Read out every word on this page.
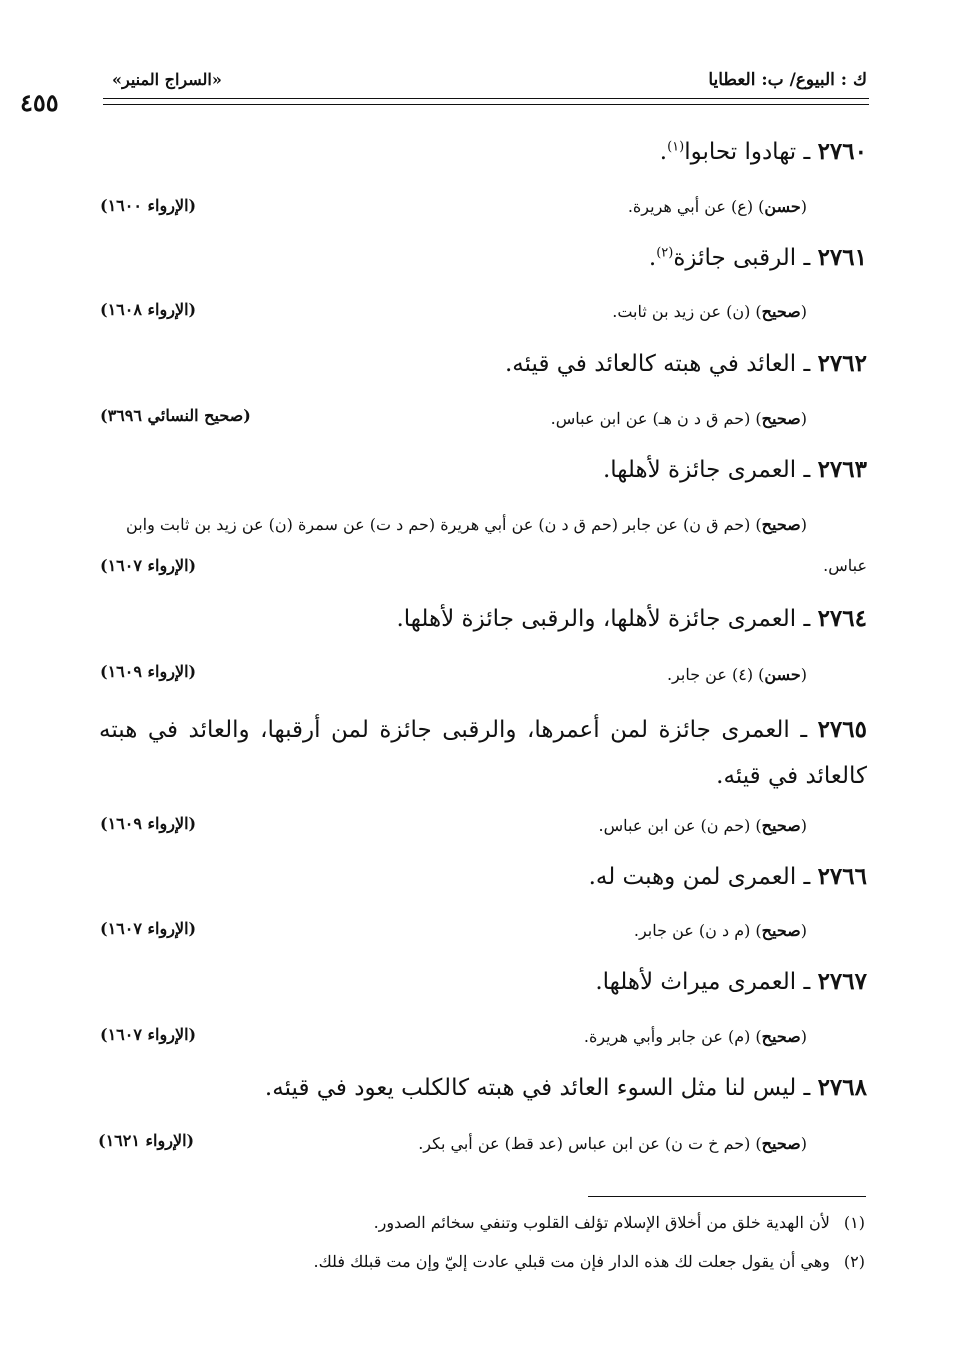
ك : البيوع/ ب: العطايا
«السراج المنير»
٤٥٥
٢٧٦٠ ـ تهادوا تحابوا$^{(١)}$.
(حسن) (ع) عن أبي هريرة.
(الإرواء ١٦٠٠)
٢٧٦١ ـ الرقبى جائزة$^{(٢)}$.
(صحيح) (ن) عن زيد بن ثابت.
(الإرواء ١٦٠٨)
٢٧٦٢ ـ العائد في هبته كالعائد في قيئه.
(صحيح) (حم ق د ن هـ) عن ابن عباس.
(صحيح النسائي ٣٦٩٦)
٢٧٦٣ ـ العمرى جائزة لأهلها.
(صحيح) (حم ق ن) عن جابر (حم ق د ن) عن أبي هريرة (حم د ت) عن سمرة (ن) عن زيد بن ثابت وابن عباس.
(الإرواء ١٦٠٧)
٢٧٦٤ ـ العمرى جائزة لأهلها، والرقبى جائزة لأهلها.
(حسن) (٤) عن جابر.
(الإرواء ١٦٠٩)
٢٧٦٥ ـ العمرى جائزة لمن أعمرها، والرقبى جائزة لمن أرقبها، والعائد في هبته كالعائد في قيئه.
(صحيح) (حم ن) عن ابن عباس.
(الإرواء ١٦٠٩)
٢٧٦٦ ـ العمرى لمن وهبت له.
(صحيح) (م د ن) عن جابر.
(الإرواء ١٦٠٧)
٢٧٦٧ ـ العمرى ميراث لأهلها.
(صحيح) (م) عن جابر وأبي هريرة.
(الإرواء ١٦٠٧)
٢٧٦٨ ـ ليس لنا مثل السوء العائد في هبته كالكلب يعود في قيئه.
(صحيح) (حم خ ت ن) عن ابن عباس (عد قط) عن أبي بكر.
(الإرواء ١٦٢١)
(١)لأن الهدية خلق من أخلاق الإسلام تؤلف القلوب وتنفي سخائم الصدور.
(٢)وهي أن يقول جعلت لك هذه الدار فإن مت قبلي عادت إليّ وإن مت قبلك فلك.
